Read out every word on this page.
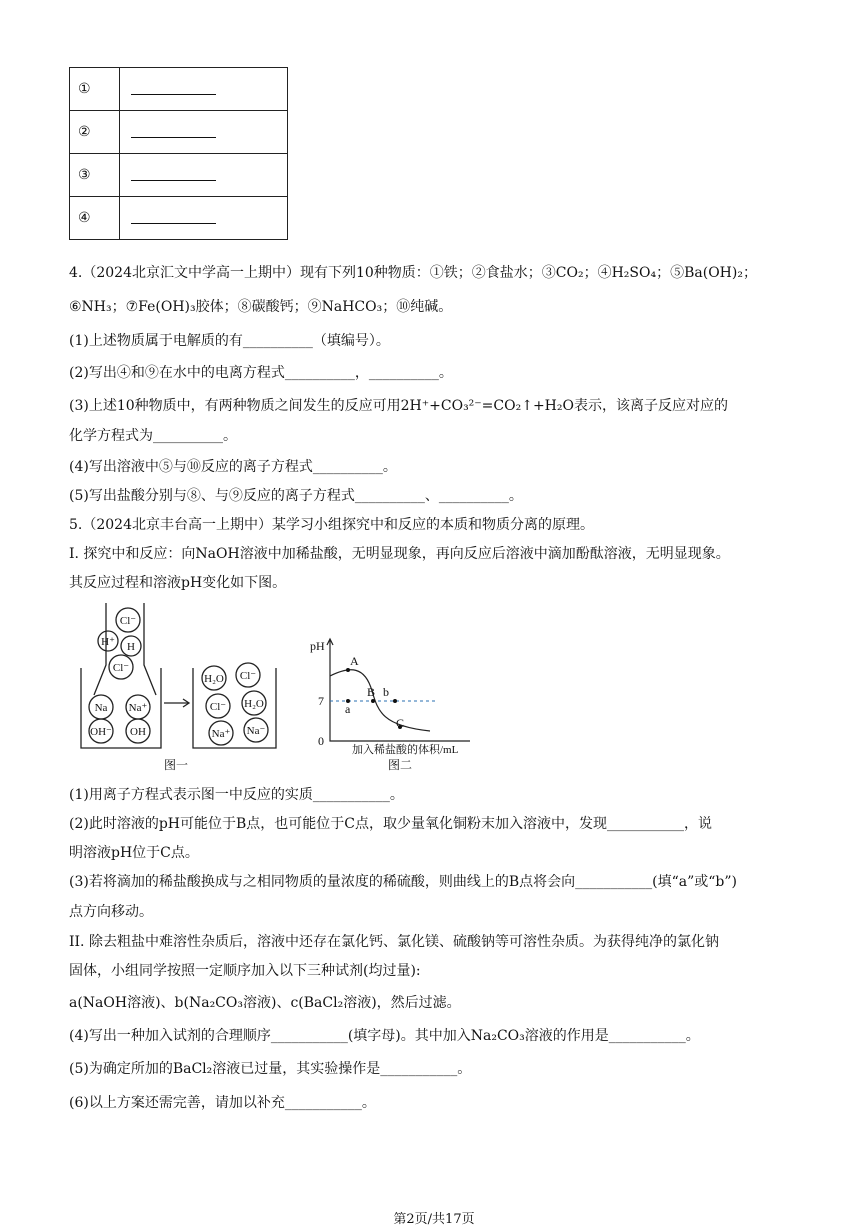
①	
②	
③	
④	
4.（2024北京汇文中学高一上期中）现有下列10种物质：①铁；②食盐水；③CO₂；④H₂SO₄；⑤Ba(OH)₂；
⑥NH₃；⑦Fe(OH)₃胶体；⑧碳酸钙；⑨NaHCO₃；⑩纯碱。
(1)上述物质属于电解质的有__________（填编号）。
(2)写出④和⑨在水中的电离方程式__________，__________。
(3)上述10种物质中，有两种物质之间发生的反应可用2H⁺+CO₃²⁻=CO₂↑+H₂O表示，该离子反应对应的
化学方程式为__________。
(4)写出溶液中⑤与⑩反应的离子方程式__________。
(5)写出盐酸分别与⑧、与⑨反应的离子方程式__________、__________。
5.（2024北京丰台高一上期中）某学习小组探究中和反应的本质和物质分离的原理。
I. 探究中和反应：向NaOH溶液中加稀盐酸，无明显现象，再向反应后溶液中滴加酚酞溶液，无明显现象。
其反应过程和溶液pH变化如下图。
Cl⁻
H⁺ H
Cl⁻
Na Na⁺
OH⁻ OH
H₂O Cl⁻
Cl⁻ H₂O
Na⁺ Na⁻
图一
pH
7
0
A
B
C
a
b
加入稀盐酸的体积/mL
图二
(1)用离子方程式表示图一中反应的实质___________。
(2)此时溶液的pH可能位于B点，也可能位于C点，取少量氧化铜粉末加入溶液中，发现___________，说
明溶液pH位于C点。
(3)若将滴加的稀盐酸换成与之相同物质的量浓度的稀硫酸，则曲线上的B点将会向___________(填“a”或“b”)
点方向移动。
II. 除去粗盐中难溶性杂质后，溶液中还存在氯化钙、氯化镁、硫酸钠等可溶性杂质。为获得纯净的氯化钠
固体，小组同学按照一定顺序加入以下三种试剂(均过量):
a(NaOH溶液)、b(Na₂CO₃溶液)、c(BaCl₂溶液)，然后过滤。
(4)写出一种加入试剂的合理顺序___________(填字母)。其中加入Na₂CO₃溶液的作用是___________。
(5)为确定所加的BaCl₂溶液已过量，其实验操作是___________。
(6)以上方案还需完善，请加以补充___________。
第2页/共17页
